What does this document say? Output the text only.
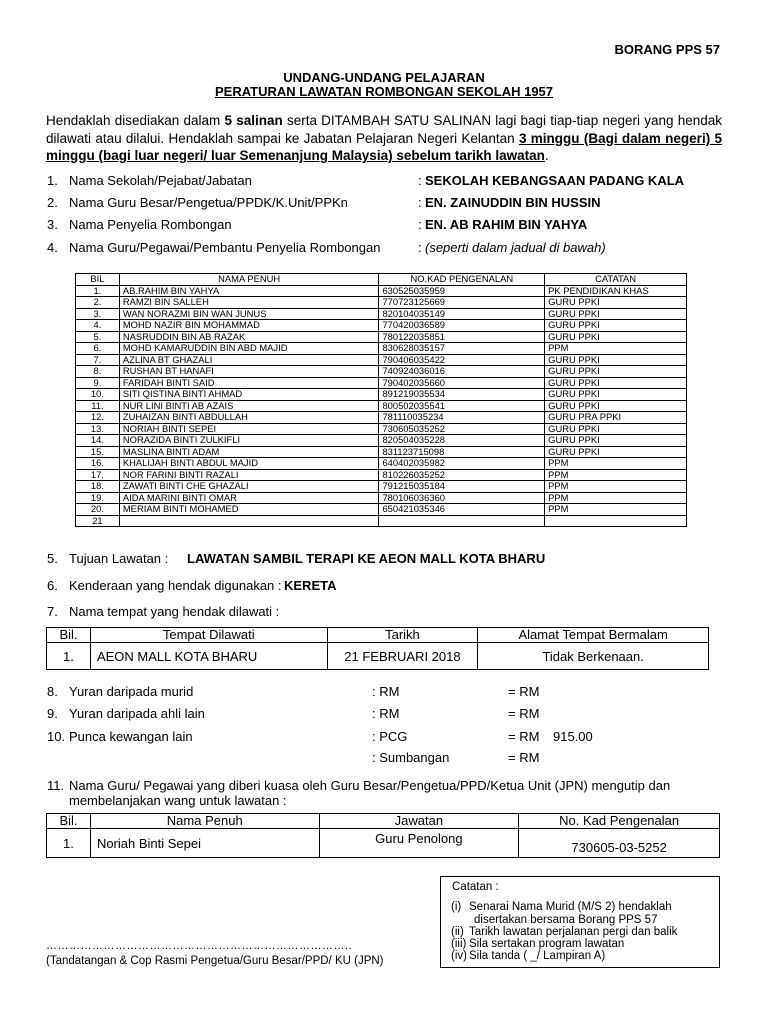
BORANG PPS 57
UNDANG-UNDANG PELAJARAN
PERATURAN LAWATAN ROMBONGAN SEKOLAH 1957
Hendaklah disediakan dalam 5 salinan serta DITAMBAH SATU SALINAN lagi bagi tiap-tiap negeri yang hendak dilawati atau dilalui. Hendaklah sampai ke Jabatan Pelajaran Negeri Kelantan 3 minggu (Bagi dalam negeri) 5 minggu (bagi luar negeri/ luar Semenanjung Malaysia) sebelum tarikh lawatan.
1. Nama Sekolah/Pejabat/Jabatan	: SEKOLAH KEBANGSAAN PADANG KALA
2. Nama Guru Besar/Pengetua/PPDK/K.Unit/PPKn	: EN. ZAINUDDIN BIN HUSSIN
3. Nama Penyelia Rombongan	: EN. AB RAHIM BIN YAHYA
4. Nama Guru/Pegawai/Pembantu Penyelia Rombongan	: (seperti dalam jadual di bawah)
BIL	NAMA PENUH	NO.KAD PENGENALAN	CATATAN
1.	AB.RAHIM BIN YAHYA	630525035959	PK PENDIDIKAN KHAS
2.	RAMZI BIN SALLEH	770723125669	GURU PPKI
3.	WAN NORAZMI BIN WAN JUNUS	820104035149	GURU PPKI
4.	MOHD NAZIR BIN MOHAMMAD	770420036589	GURU PPKI
5.	NASRUDDIN BIN AB RAZAK	780122035851	GURU PPKI
6.	MOHD KAMARUDDIN BIN ABD MAJID	830628035157	PPM
7.	AZLINA BT GHAZALI	790406035422	GURU PPKI
8.	RUSHAN BT HANAFI	740924036016	GURU PPKI
9.	FARIDAH BINTI SAID	790402035660	GURU PPKI
10.	SITI QISTINA BINTI AHMAD	891219035534	GURU PPKI
11.	NUR LINI BINTI AB AZAIS	800502035541	GURU PPKI
12.	ZUHAIZAN BINTI ABDULLAH	781110035234	GURU PRA PPKI
13.	NORIAH BINTI SEPEI	730605035252	GURU PPKI
14.	NORAZIDA BINTI ZULKIFLI	820504035228	GURU PPKI
15.	MASLINA BINTI ADAM	831123715098	GURU PPKI
16.	KHALIJAH BINTI ABDUL MAJID	640402035982	PPM
17.	NOR FARINI BINTI RAZALI	810226035252	PPM
18.	ZAWATI BINTI CHE GHAZALI	791215035184	PPM
19.	AIDA MARINI BINTI OMAR	780106036360	PPM
20.	MERIAM BINTI MOHAMED	650421035346	PPM
21			
5. Tujuan Lawatan : LAWATAN SAMBIL TERAPI KE AEON MALL KOTA BHARU
6. Kenderaan yang hendak digunakan : KERETA
7. Nama tempat yang hendak dilawati :
Bil.	Tempat Dilawati	Tarikh	Alamat Tempat Bermalam
1.	AEON MALL KOTA BHARU	21 FEBRUARI 2018	Tidak Berkenaan.
8. Yuran daripada murid	: RM	= RM
9. Yuran daripada ahli lain	: RM	= RM
10. Punca kewangan lain	: PCG	= RM 915.00
: Sumbangan	= RM
11. Nama Guru/ Pegawai yang diberi kuasa oleh Guru Besar/Pengetua/PPD/Ketua Unit (JPN) mengutip dan
membelanjakan wang untuk lawatan :
Bil.	Nama Penuh	Jawatan	No. Kad Pengenalan
1.	Noriah Binti Sepei	Guru Penolong	730605-03-5252
Catatan :
(i) Senarai Nama Murid (M/S 2) hendaklah
disertakan bersama Borang PPS 57
(ii) Tarikh lawatan perjalanan pergi dan balik
(iii) Sila sertakan program lawatan
(iv) Sila tanda ( _/ Lampiran A)
……………………………………………………………………..
(Tandatangan & Cop Rasmi Pengetua/Guru Besar/PPD/ KU (JPN)
